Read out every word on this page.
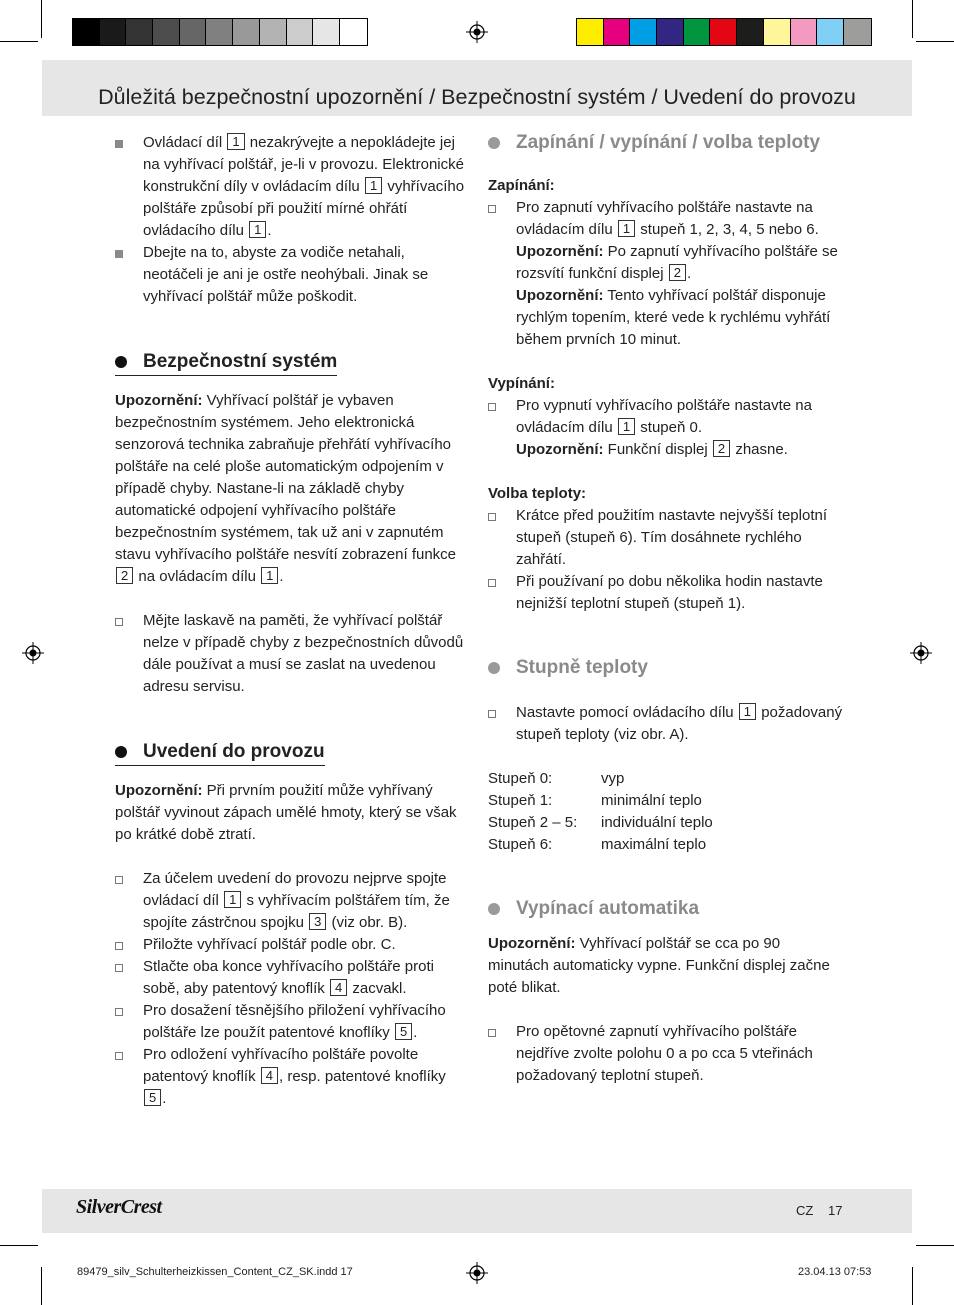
Důležitá bezpečnostní upozornění / Bezpečnostní systém / Uvedení do provozu
Ovládací díl 1 nezakrývejte a nepokládejte jej na vyhřívací polštář, je-li v provozu. Elektronické konstrukční díly v ovládacím dílu 1 vyhřívacího polštáře způsobí při použití mírné ohřátí ovládacího dílu 1 .
Dbejte na to, abyste za vodiče netahali, neotáčeli je ani je ostře neohýbali. Jinak se vyhřívací polštář může poškodit.
Bezpečnostní systém

Upozornění: Vyhřívací polštář je vybaven bezpečnostním systémem. Jeho elektronická senzorová technika zabraňuje přehřátí vyhřívacího polštáře na celé ploše automatickým odpojením v případě chyby. Nastane-li na základě chyby automatické odpojení vyhřívacího polštáře bezpečnostním systémem, tak už ani v zapnutém stavu vyhřívacího polštáře nesvítí zobrazení funkce 2 na ovládacím dílu 1 .

Mějte laskavě na paměti, že vyhřívací polštář nelze v případě chyby z bezpečnostních důvodů dále používat a musí se zaslat na uvedenou adresu servisu.
Uvedení do provozu

Upozornění: Při prvním použití může vyhřívaný polštář vyvinout zápach umělé hmoty, který se však po krátké době ztratí.

Za účelem uvedení do provozu nejprve spojte ovládací díl 1 s vyhřívacím polštářem tím, že spojíte zástrčnou spojku 3 (viz obr. B).
Přiložte vyhřívací polštář podle obr. C.
Stlačte oba konce vyhřívacího polštáře proti sobě, aby patentový knoflík 4 zacvakl.
Pro dosažení těsnějšího přiložení vyhřívacího polštáře lze použít patentové knoflíky 5 .
Pro odložení vyhřívacího polštáře povolte patentový knoflík 4 , resp. patentové knoflíky 5 .
Zapínání / vypínání / volba teploty

Zapínání:

Pro zapnutí vyhřívacího polštáře nastavte na ovládacím dílu 1 stupeň 1, 2, 3, 4, 5 nebo 6.
Upozornění: Po zapnutí vyhřívacího polštáře se rozsvítí funkční displej 2 .
Upozornění: Tento vyhřívací polštář disponuje rychlým topením, které vede k rychlému vyhřátí během prvních 10 minut.

Vypínání:

Pro vypnutí vyhřívacího polštáře nastavte na ovládacím dílu 1 stupeň 0.
Upozornění: Funkční displej 2 zhasne.

Volba teploty:

Krátce před použitím nastavte nejvyšší teplotní stupeň (stupeň 6). Tím dosáhnete rychlého zahřátí.
Při používaní po dobu několika hodin nastavte nejnižší teplotní stupeň (stupeň 1).
Stupně teploty
Nastavte pomocí ovládacího dílu 1 požadovaný stupeň teploty (viz obr. A).
Stupeň 0:	vyp
Stupeň 1:	minimální teplo
Stupeň 2 – 5:	individuální teplo
Stupeň 6:	maximální teplo
Vypínací automatika

Upozornění: Vyhřívací polštář se cca po 90 minutách automaticky vypne. Funkční displej začne poté blikat.

Pro opětovné zapnutí vyhřívacího polštáře nejdříve zvolte polohu 0 a po cca 5 vteřinách požadovaný teplotní stupeň.
SilverCrest	CZ 17
89479_silv_Schulterheizkissen_Content_CZ_SK.indd 17	23.04.13 07:53
